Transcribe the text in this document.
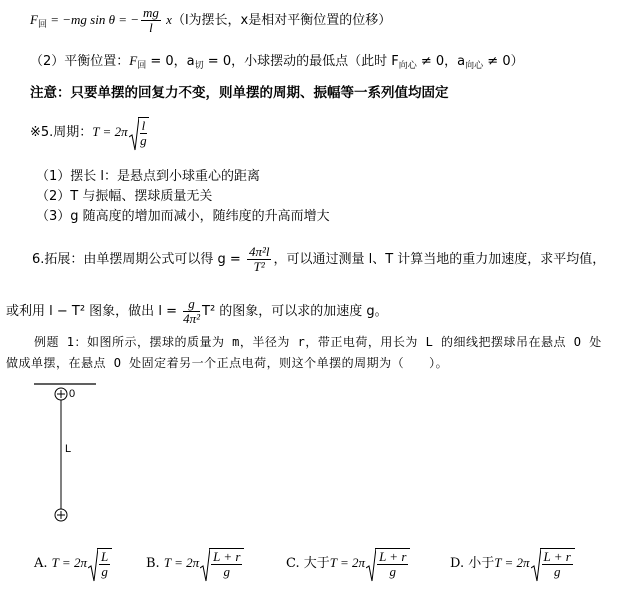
$F_回 = -mg$ sin θ = − $\frac{mg}{l} x(l$为摆长，x是相对平衡位置的位移）
（2）平衡位置：$F_回 = 0$，$a_切 = 0$，小球摆动的最低点（此时 $F_{向心} \ne 0$，$a_{向心} \ne 0$）
注意：只要单摆的回复力不变，则单摆的周期、振幅等一系列值均固定
※5.周期：$T = 2\pi \frac{l}{g}$
（1）摆长 l：是悬点到小球重心的距离
（2）T 与振幅、摆球质量无关
（3）g 随高度的增加而减小，随纬度的升高而增大
6.拓展：由单摆周期公式可以得 $g = \frac{\text{4π²l}}{\text{T²}}$ ，可以通过测量 l、T 计算当地的重力加速度，求平均值，
或利用 l − T² 图象，做出 $l = \frac{g}{\text{4π²}} T^2$ 的图象，可以求的加速度 g。
例题 1：如图所示，摆球的质量为 m，半径为 r，带正电荷，用长为 L 的细线把摆球吊在悬点 O 处
做成单摆，在悬点 O 处固定着另一个正点电荷，则这个单摆的周期为（　　）。
0
L
A. $T = 2\pi \frac{L}{g}$	B. $T = 2\pi \frac{L + r}{g}$	C. 大于$T = 2\pi \frac{L + r}{g}$	D. 小于$T = 2\pi \frac{L + r}{g}$
